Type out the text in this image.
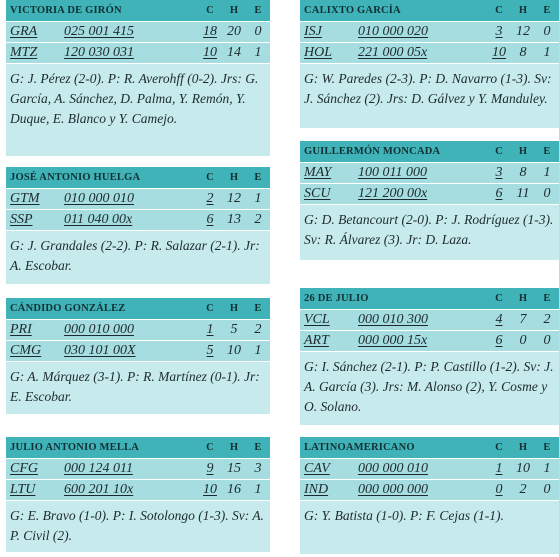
VICTORIA DE GIRÓN	C	H	E
GRA	025 001 415	18 20 0
MTZ	120 030 031	10 14 1
G: J. Pérez (2-0). P: R. Averohff (0-2). Jrs: G. García, A. Sánchez, D. Palma, Y. Remón, Y. Duque, E. Blanco y Y. Camejo.
JOSÉ ANTONIO HUELGA	C	H	E
GTM	010 000 010	2 12 1
SSP	011 040 00x	6 13 2
G: J. Grandales (2-2). P: R. Salazar (2-1). Jr: A. Escobar.
CÁNDIDO GONZÁLEZ	C	H	E
PRI	000 010 000	1	5	2
CMG	030 101 00X	5 10 1
G: A. Márquez (3-1). P: R. Martínez (0-1). Jr: E. Escobar.
JULIO ANTONIO MELLA	C	H	E
CFG	000 124 011	9 15 3
LTU	600 201 10x	10 16 1
G: E. Bravo (1-0). P: I. Sotolongo (1-3). Sv: A. P. Civil (2).
CALIXTO GARCÍA	C	H	E
ISJ	010 000 020	3 12 0
HOL	221 000 05x	10 8	1
G: W. Paredes (2-3). P: D. Navarro (1-3). Sv: J. Sánchez (2). Jrs: D. Gálvez y Y. Manduley.
GUILLERMÓN MONCADA	C	H	E
MAY	100 011 000	3	8	1
SCU	121 200 00x	6	11	0
G: D. Betancourt (2-0). P: J. Rodríguez (1-3). Sv: R. Álvarez (3). Jr: D. Laza.
26 DE JULIO	C	H	E
VCL	000 010 300	4	7	2
ART	000 000 15x	6	0	0
G: I. Sánchez (2-1). P: P. Castillo (1-2). Sv: J. A. García (3). Jrs: M. Alonso (2), Y. Cosme y O. Solano.
LATINOAMERICANO	C	H	E
CAV	000 000 010	1 10 1
IND	000 000 000	0	2	0
G: Y. Batista (1-0). P: F. Cejas (1-1).
